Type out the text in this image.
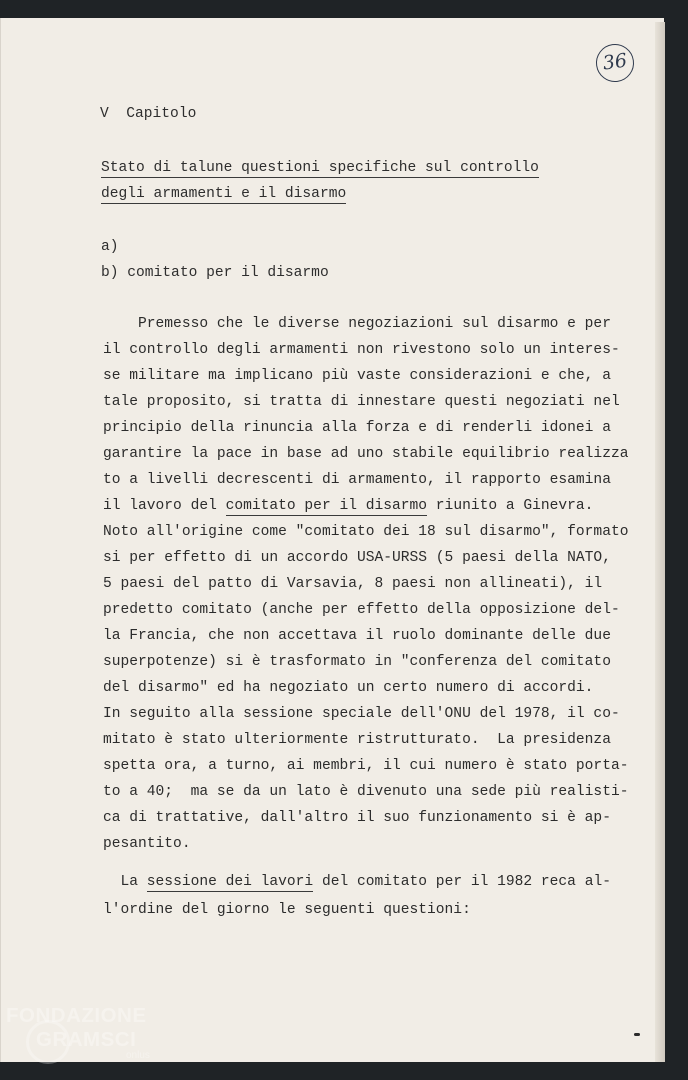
36

V  Capitolo

Stato di talune questioni specifiche sul controllo

degli armamenti e il disarmo

a)

b) comitato per il disarmo

Premesso che le diverse negoziazioni sul disarmo e per

il controllo degli armamenti non rivestono solo un interes-

se militare ma implicano più vaste considerazioni e che, a

tale proposito, si tratta di innestare questi negoziati nel

principio della rinuncia alla forza e di renderli idonei a

garantire la pace in base ad uno stabile equilibrio realizza

to a livelli decrescenti di armamento, il rapporto esamina

il lavoro del comitato per il disarmo riunito a Ginevra.

Noto all'origine come "comitato dei 18 sul disarmo", formato

si per effetto di un accordo USA-URSS (5 paesi della NATO,

5 paesi del patto di Varsavia, 8 paesi non allineati), il

predetto comitato (anche per effetto della opposizione del-

la Francia, che non accettava il ruolo dominante delle due

superpotenze) si è trasformato in "conferenza del comitato

del disarmo" ed ha negoziato un certo numero di accordi.

In seguito alla sessione speciale dell'ONU del 1978, il co-

mitato è stato ulteriormente ristrutturato.  La presidenza

spetta ora, a turno, ai membri, il cui numero è stato porta-

to a 40;  ma se da un lato è divenuto una sede più realisti-

ca di trattative, dall'altro il suo funzionamento si è ap-

pesantito.

La sessione dei lavori del comitato per il 1982 reca al-

l'ordine del giorno le seguenti questioni:

FONDAZIONE
GRAMSCI
onlus
